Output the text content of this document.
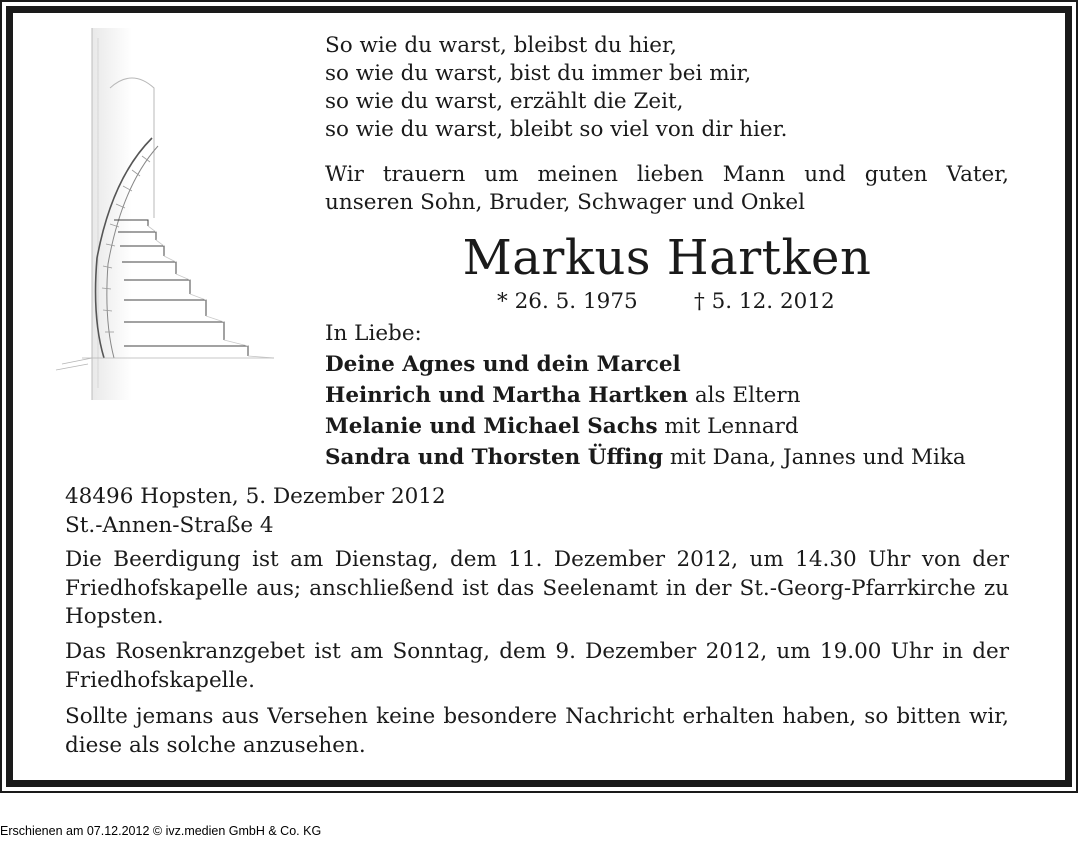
So wie du warst, bleibst du hier,
so wie du warst, bist du immer bei mir,
so wie du warst, erzählt die Zeit,
so wie du warst, bleibt so viel von dir hier.
Wir trauern um meinen lieben Mann und guten Vater,
unseren Sohn, Bruder, Schwager und Onkel
Markus Hartken
* 26. 5. 1975	† 5. 12. 2012
In Liebe:
Deine Agnes und dein Marcel
Heinrich und Martha Hartken als Eltern
Melanie und Michael Sachs mit Lennard
Sandra und Thorsten Üffing mit Dana, Jannes und Mika
48496 Hopsten, 5. Dezember 2012
St.-Annen-Straße 4
Die Beerdigung ist am Dienstag, dem 11. Dezember 2012, um 14.30 Uhr von der Friedhofskapelle aus; anschließend ist das Seelenamt in der St.-Georg-Pfarrkirche zu Hopsten.
Das Rosenkranzgebet ist am Sonntag, dem 9. Dezember 2012, um 19.00 Uhr in der Friedhofskapelle.
Sollte jemans aus Versehen keine besondere Nachricht erhalten haben, so bitten wir, diese als solche anzusehen.
Erschienen am 07.12.2012 © ivz.medien GmbH & Co. KG
